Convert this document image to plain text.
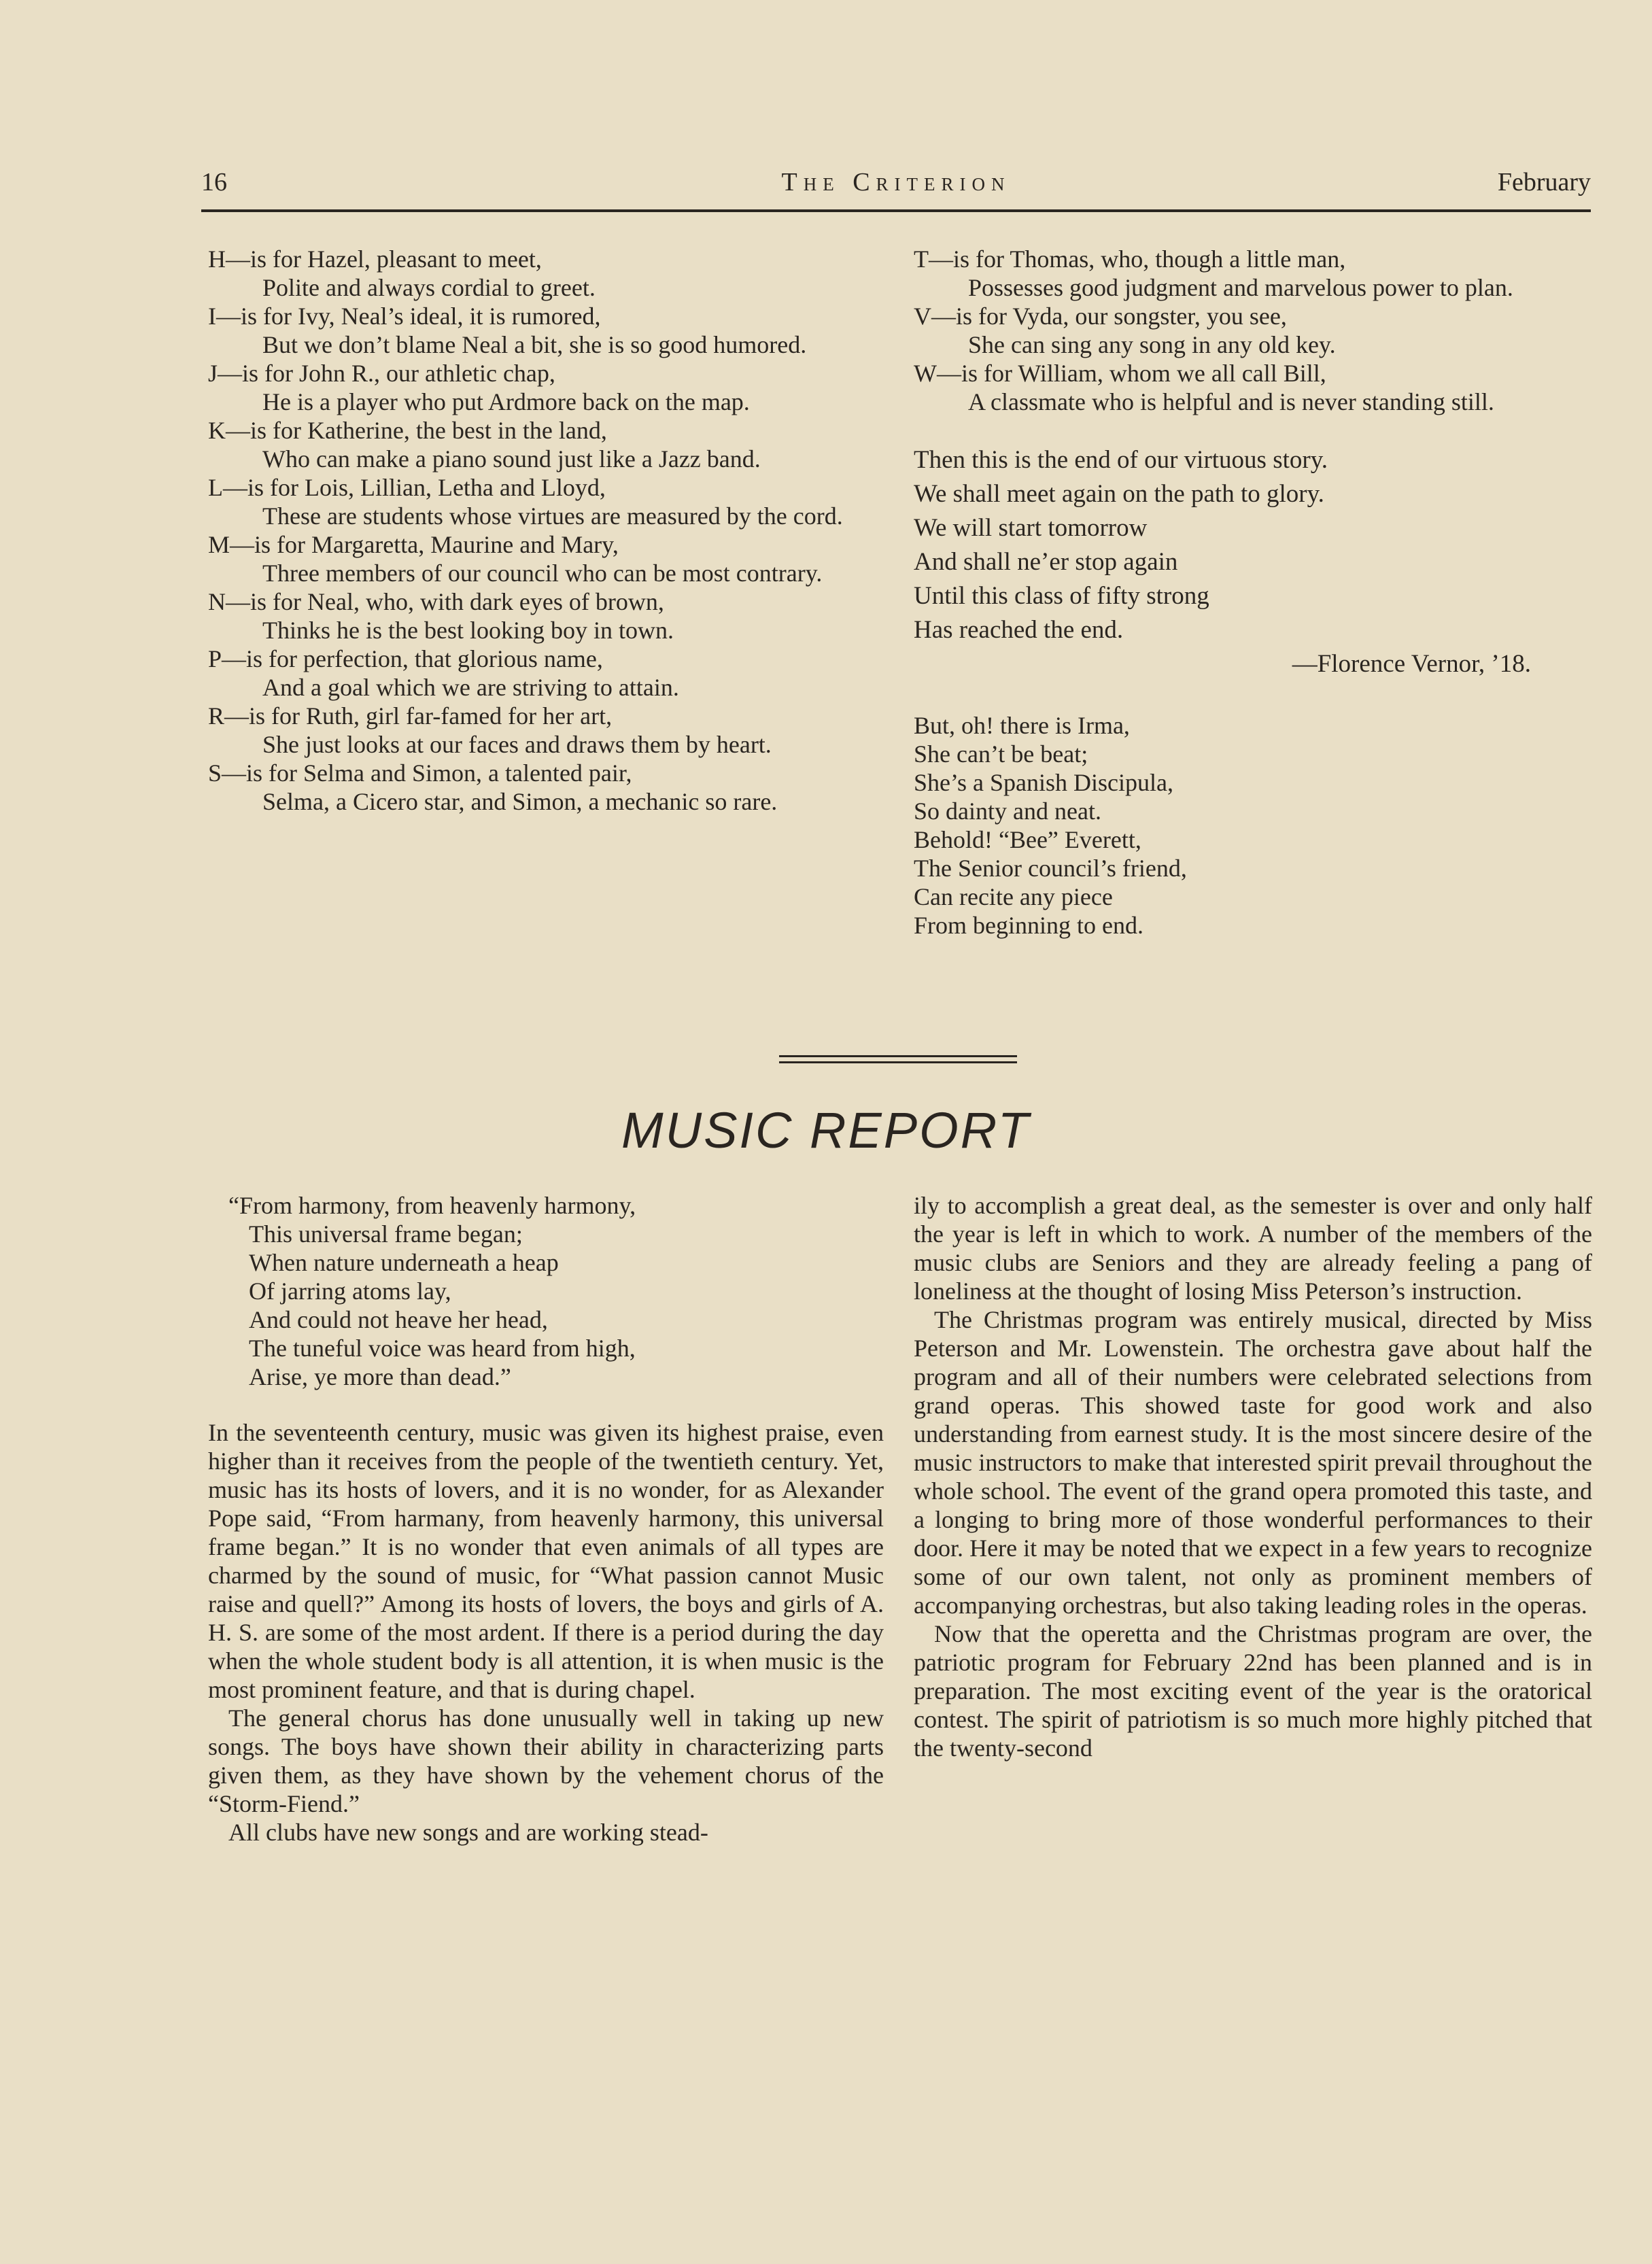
16	The Criterion	February
H—is for Hazel, pleasant to meet,
Polite and always cordial to greet.
I—is for Ivy, Neal’s ideal, it is rumored,
But we don’t blame Neal a bit, she is so good humored.
J—is for John R., our athletic chap,
He is a player who put Ardmore back on the map.
K—is for Katherine, the best in the land,
Who can make a piano sound just like a Jazz band.
L—is for Lois, Lillian, Letha and Lloyd,
These are students whose virtues are measured by the cord.
M—is for Margaretta, Maurine and Mary,
Three members of our council who can be most contrary.
N—is for Neal, who, with dark eyes of brown,
Thinks he is the best looking boy in town.
P—is for perfection, that glorious name,
And a goal which we are striving to attain.
R—is for Ruth, girl far-famed for her art,
She just looks at our faces and draws them by heart.
S—is for Selma and Simon, a talented pair,
Selma, a Cicero star, and Simon, a mechanic so rare.
T—is for Thomas, who, though a little man,
Possesses good judgment and marvelous power to plan.
V—is for Vyda, our songster, you see,
She can sing any song in any old key.
W—is for William, whom we all call Bill,
A classmate who is helpful and is never standing still.
Then this is the end of our virtuous story.
We shall meet again on the path to glory.
We will start tomorrow
And shall ne’er stop again
Until this class of fifty strong
Has reached the end.
—Florence Vernor, ’18.
But, oh! there is Irma,
She can’t be beat;
She’s a Spanish Discipula,
So dainty and neat.
Behold! “Bee” Everett,
The Senior council’s friend,
Can recite any piece
From beginning to end.
MUSIC REPORT
“From harmony, from heavenly harmony,
This universal frame began;
When nature underneath a heap
Of jarring atoms lay,
And could not heave her head,
The tuneful voice was heard from high,
Arise, ye more than dead.”

In the seventeenth century, music was given its highest praise, even higher than it receives from the people of the twentieth century. Yet, music has its hosts of lovers, and it is no wonder, for as Alexander Pope said, “From harmany, from heavenly harmony, this universal frame began.” It is no wonder that even animals of all types are charmed by the sound of music, for “What passion cannot Music raise and quell?” Among its hosts of lovers, the boys and girls of A. H. S. are some of the most ardent. If there is a period during the day when the whole student body is all attention, it is when music is the most prominent feature, and that is during chapel.

The general chorus has done unusually well in taking up new songs. The boys have shown their ability in characterizing parts given them, as they have shown by the vehement chorus of the “Storm-Fiend.”

All clubs have new songs and are working stead-

ily to accomplish a great deal, as the semester is over and only half the year is left in which to work. A number of the members of the music clubs are Seniors and they are already feeling a pang of loneliness at the thought of losing Miss Peterson’s instruction.

The Christmas program was entirely musical, directed by Miss Peterson and Mr. Lowenstein. The orchestra gave about half the program and all of their numbers were celebrated selections from grand operas. This showed taste for good work and also understanding from earnest study. It is the most sincere desire of the music instructors to make that interested spirit prevail throughout the whole school. The event of the grand opera promoted this taste, and a longing to bring more of those wonderful performances to their door. Here it may be noted that we expect in a few years to recognize some of our own talent, not only as prominent members of accompanying orchestras, but also taking leading roles in the operas.

Now that the operetta and the Christmas program are over, the patriotic program for February 22nd has been planned and is in preparation. The most exciting event of the year is the oratorical contest. The spirit of patriotism is so much more highly pitched that the twenty-second
